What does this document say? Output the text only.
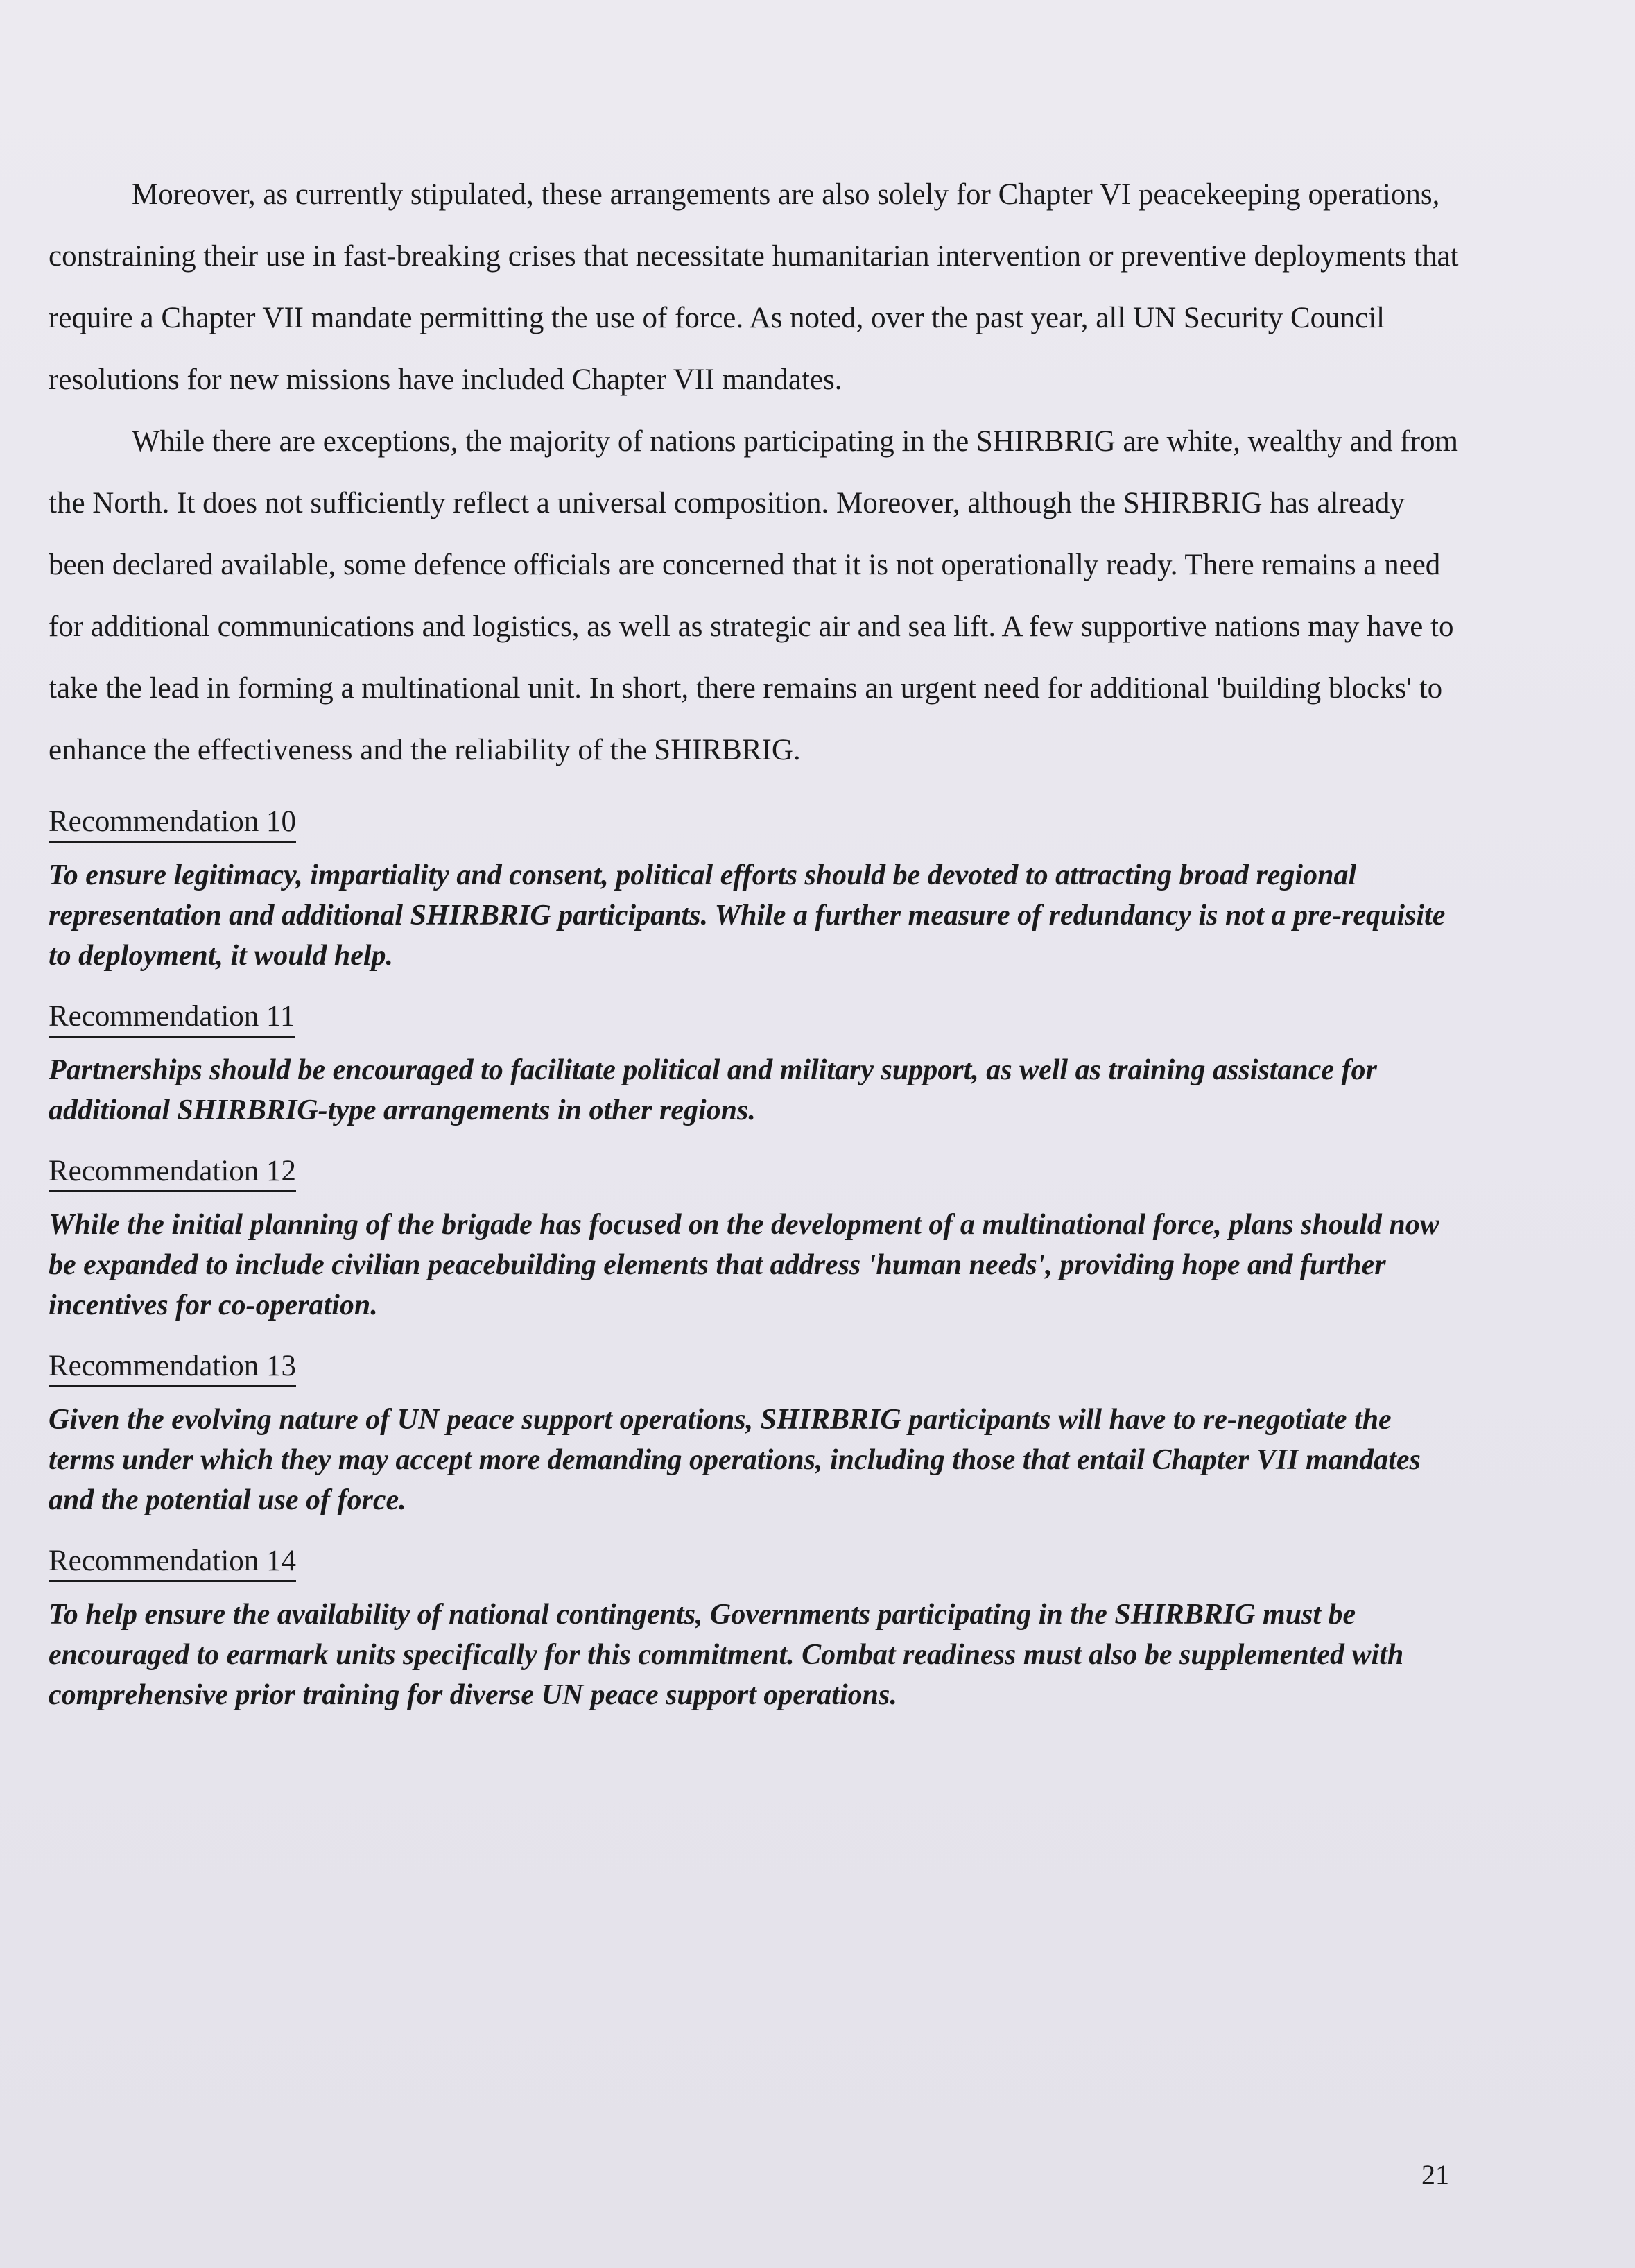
Moreover, as currently stipulated, these arrangements are also solely for Chapter VI peacekeeping operations, constraining their use in fast-breaking crises that necessitate humanitarian intervention or preventive deployments that require a Chapter VII mandate permitting the use of force. As noted, over the past year, all UN Security Council resolutions for new missions have included Chapter VII mandates.

While there are exceptions, the majority of nations participating in the SHIRBRIG are white, wealthy and from the North. It does not sufficiently reflect a universal composition. Moreover, although the SHIRBRIG has already been declared available, some defence officials are concerned that it is not operationally ready. There remains a need for additional communications and logistics, as well as strategic air and sea lift. A few supportive nations may have to take the lead in forming a multinational unit. In short, there remains an urgent need for additional 'building blocks' to enhance the effectiveness and the reliability of the SHIRBRIG.

Recommendation 10

To ensure legitimacy, impartiality and consent, political efforts should be devoted to attracting broad regional representation and additional SHIRBRIG participants. While a further measure of redundancy is not a pre-requisite to deployment, it would help.

Recommendation 11

Partnerships should be encouraged to facilitate political and military support, as well as training assistance for additional SHIRBRIG-type arrangements in other regions.

Recommendation 12

While the initial planning of the brigade has focused on the development of a multinational force, plans should now be expanded to include civilian peacebuilding elements that address 'human needs', providing hope and further incentives for co-operation.

Recommendation 13

Given the evolving nature of UN peace support operations, SHIRBRIG participants will have to re-negotiate the terms under which they may accept more demanding operations, including those that entail Chapter VII mandates and the potential use of force.

Recommendation 14

To help ensure the availability of national contingents, Governments participating in the SHIRBRIG must be encouraged to earmark units specifically for this commitment. Combat readiness must also be supplemented with comprehensive prior training for diverse UN peace support operations.

21
